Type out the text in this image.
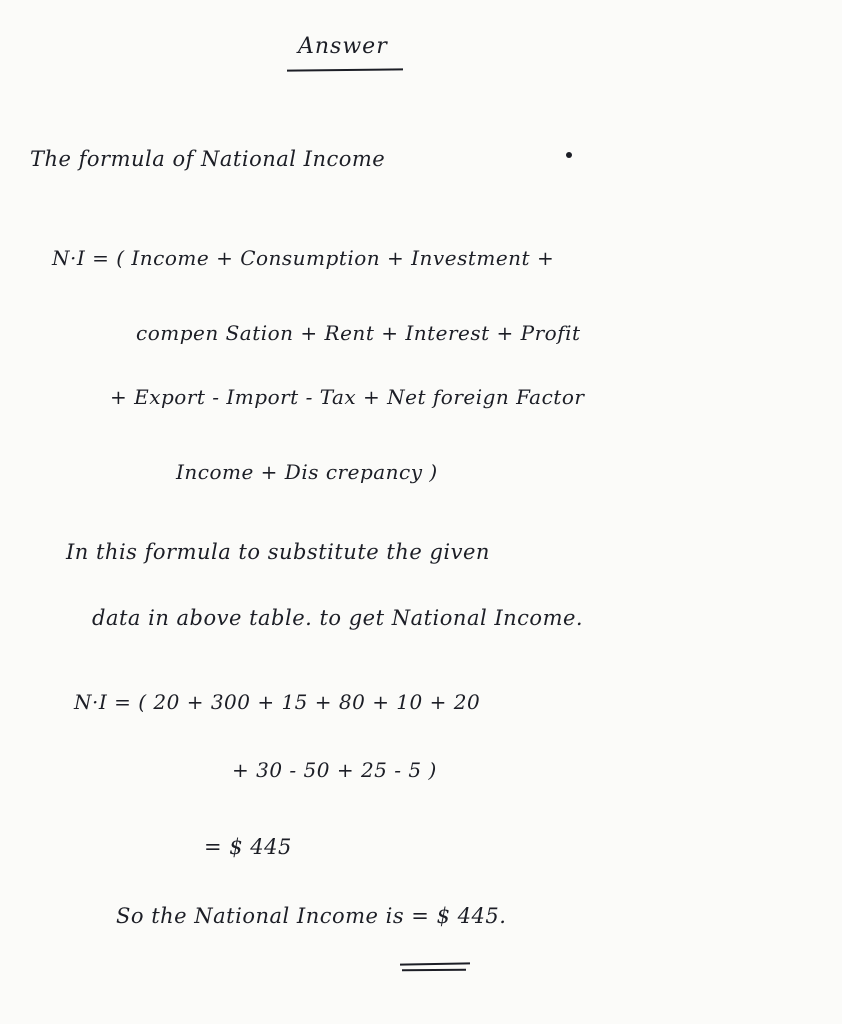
Answer
The formula of National Income
N·I = ( Income + Consumption + Investment +
compen Sation + Rent + Interest + Profit
+ Export - Import - Tax + Net foreign Factor
Income + Dis crepancy )
In this formula to substitute the given
data in above table. to get National Income.
N·I = ( 20 + 300 + 15 + 80 + 10 + 20
+ 30 - 50 + 25 - 5 )
= $ 445
So the National Income is = $ 445.
